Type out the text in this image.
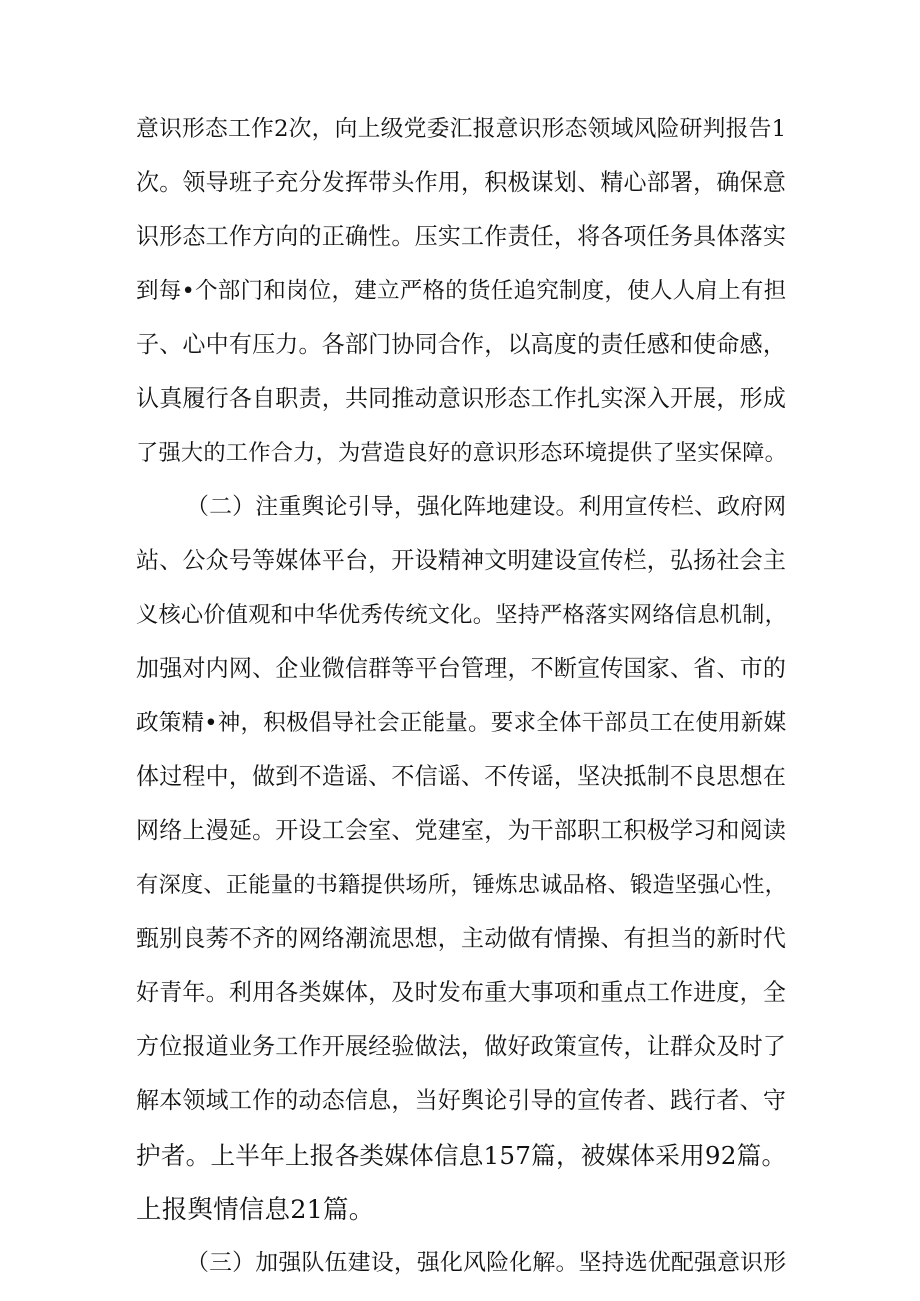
意识形态工作2次，向上级党委汇报意识形态领域风险研判报告1
次。领导班子充分发挥带头作用，积极谋划、精心部署，确保意
识形态工作方向的正确性。压实工作责任，将各项任务具体落实
到每•个部门和岗位，建立严格的货任追究制度，使人人肩上有担
子、心中有压力。各部门协同合作，以高度的责任感和使命感，
认真履行各自职责，共同推动意识形态工作扎实深入开展，形成
了强大的工作合力，为营造良好的意识形态环境提供了坚实保障。
（二）注重舆论引导，强化阵地建设。利用宣传栏、政府网
站、公众号等媒体平台，开设精神文明建设宣传栏，弘扬社会主
义核心价值观和中华优秀传统文化。坚持严格落实网络信息机制，
加强对内网、企业微信群等平台管理，不断宣传国家、省、市的
政策精•神，积极倡导社会正能量。要求全体干部员工在使用新媒
体过程中，做到不造谣、不信谣、不传谣，坚决抵制不良思想在
网络上漫延。开设工会室、党建室，为干部职工积极学习和阅读
有深度、正能量的书籍提供场所，锤炼忠诚品格、锻造坚强心性，
甄别良莠不齐的网络潮流思想，主动做有情操、有担当的新时代
好青年。利用各类媒体，及时发布重大事项和重点工作进度，全
方位报道业务工作开展经验做法，做好政策宣传，让群众及时了
解本领域工作的动态信息，当好舆论引导的宣传者、践行者、守
护者。上半年上报各类媒体信息157篇，被媒体采用92篇。
上报舆情信息21篇。
（三）加强队伍建设，强化风险化解。坚持选优配强意识形
